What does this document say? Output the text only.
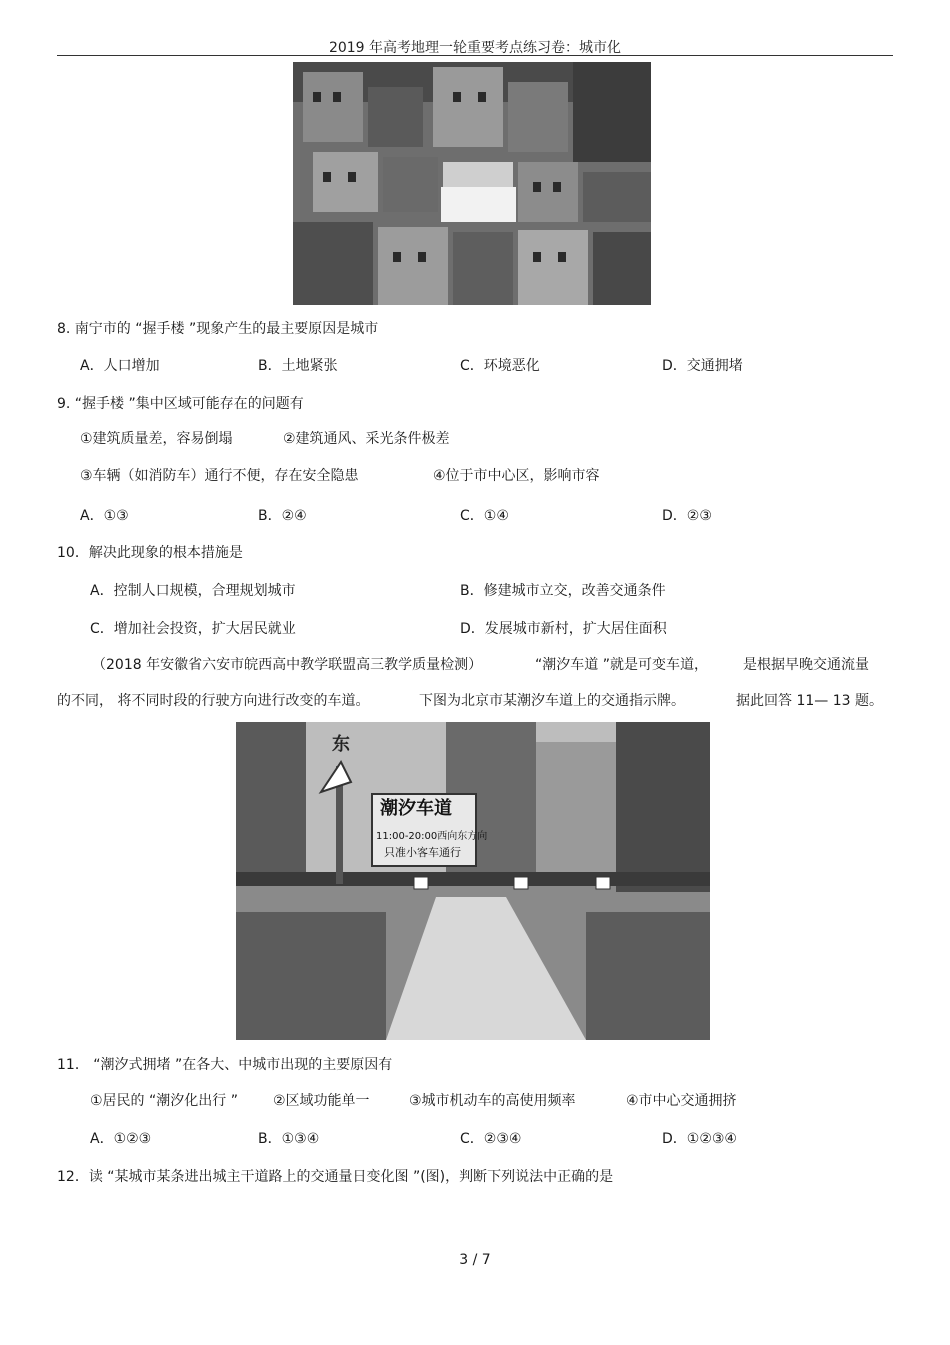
2019 年高考地理一轮重要考点练习卷：城市化
8. 南宁市的 “握手楼 ”现象产生的最主要原因是城市
A．人口增加	B．土地紧张	C．环境恶化	D．交通拥堵
9. “握手楼 ”集中区域可能存在的问题有
①建筑质量差，容易倒塌	②建筑通风、采光条件极差
③车辆（如消防车）通行不便，存在安全隐患	④位于市中心区，影响市容
A．①③	B．②④	C．①④	D．②③
10．解决此现象的根本措施是
A．控制人口规模，合理规划城市	B．修建城市立交，改善交通条件
C．增加社会投资，扩大居民就业	D．发展城市新村，扩大居住面积
（2018 年安徽省六安市皖西高中教学联盟高三教学质量检测）	“潮汐车道 ”就是可变车道，	是根据早晚交通流量
的不同， 将不同时段的行驶方向进行改变的车道。	下图为北京市某潮汐车道上的交通指示牌。	据此回答 11— 13 题。
东
潮汐车道
11:00-20:00西向东方向
只准小客车通行
11． “潮汐式拥堵 ”在各大、中城市出现的主要原因有
①居民的 “潮汐化出行 ”	②区域功能单一	③城市机动车的高使用频率	④市中心交通拥挤
A．①②③	B．①③④	C．②③④	D．①②③④
12．读 “某城市某条进出城主干道路上的交通量日变化图 ”(图)，判断下列说法中正确的是
3 / 7
